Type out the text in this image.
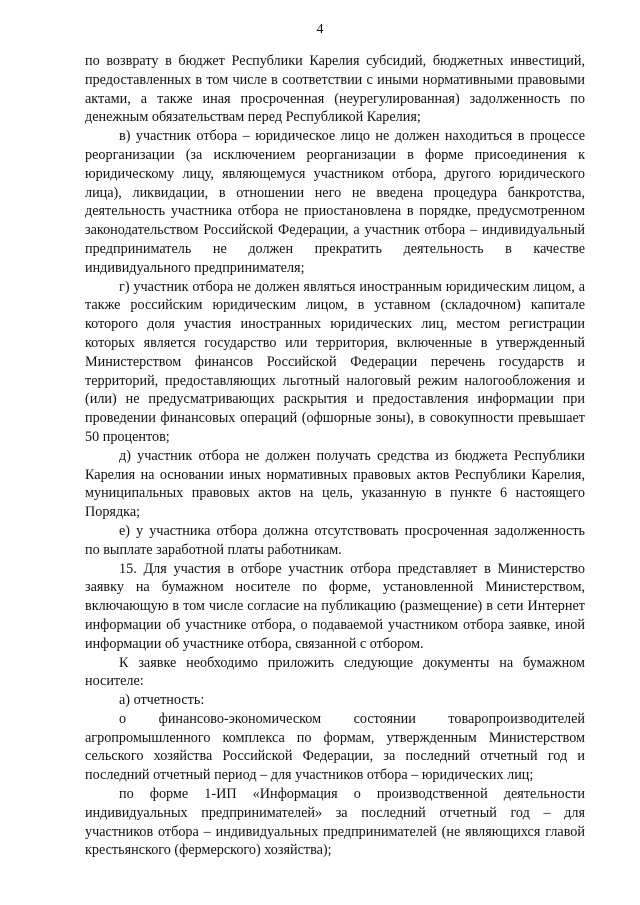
4

по возврату в бюджет Республики Карелия субсидий, бюджетных инвестиций, предоставленных в том числе в соответствии с иными нормативными правовыми актами, а также иная просроченная (неурегулированная) задолженность по денежным обязательствам перед Республикой Карелия;

в) участник отбора – юридическое лицо не должен находиться в процессе реорганизации (за исключением реорганизации в форме присоединения к юридическому лицу, являющемуся участником отбора, другого юридического лица), ликвидации, в отношении него не введена процедура банкротства, деятельность участника отбора не приостановлена в порядке, предусмотренном законодательством Российской Федерации, а участник отбора – индивидуальный предприниматель не должен прекратить деятельность в качестве индивидуального предпринимателя;

г) участник отбора не должен являться иностранным юридическим лицом, а также российским юридическим лицом, в уставном (складочном) капитале которого доля участия иностранных юридических лиц, местом регистрации которых является государство или территория, включенные в утвержденный Министерством финансов Российской Федерации перечень государств и территорий, предоставляющих льготный налоговый режим налогообложения и (или) не предусматривающих раскрытия и предоставления информации при проведении финансовых операций (офшорные зоны), в совокупности превышает 50 процентов;

д) участник отбора не должен получать средства из бюджета Республики Карелия на основании иных нормативных правовых актов Республики Карелия, муниципальных правовых актов на цель, указанную в пункте 6 настоящего Порядка;

е) у участника отбора должна отсутствовать просроченная задолженность по выплате заработной платы работникам.

15. Для участия в отборе участник отбора представляет в Министерство заявку на бумажном носителе по форме, установленной Министерством, включающую в том числе согласие на публикацию (размещение) в сети Интернет информации об участнике отбора, о подаваемой участником отбора заявке, иной информации об участнике отбора, связанной с отбором.

К заявке необходимо приложить следующие документы на бумажном носителе:

а) отчетность:

о финансово-экономическом состоянии товаропроизводителей агропромышленного комплекса по формам, утвержденным Министерством сельского хозяйства Российской Федерации, за последний отчетный год и последний отчетный период – для участников отбора – юридических лиц;

по форме 1-ИП «Информация о производственной деятельности индивидуальных предпринимателей» за последний отчетный год – для участников отбора – индивидуальных предпринимателей (не являющихся главой крестьянского (фермерского) хозяйства);
